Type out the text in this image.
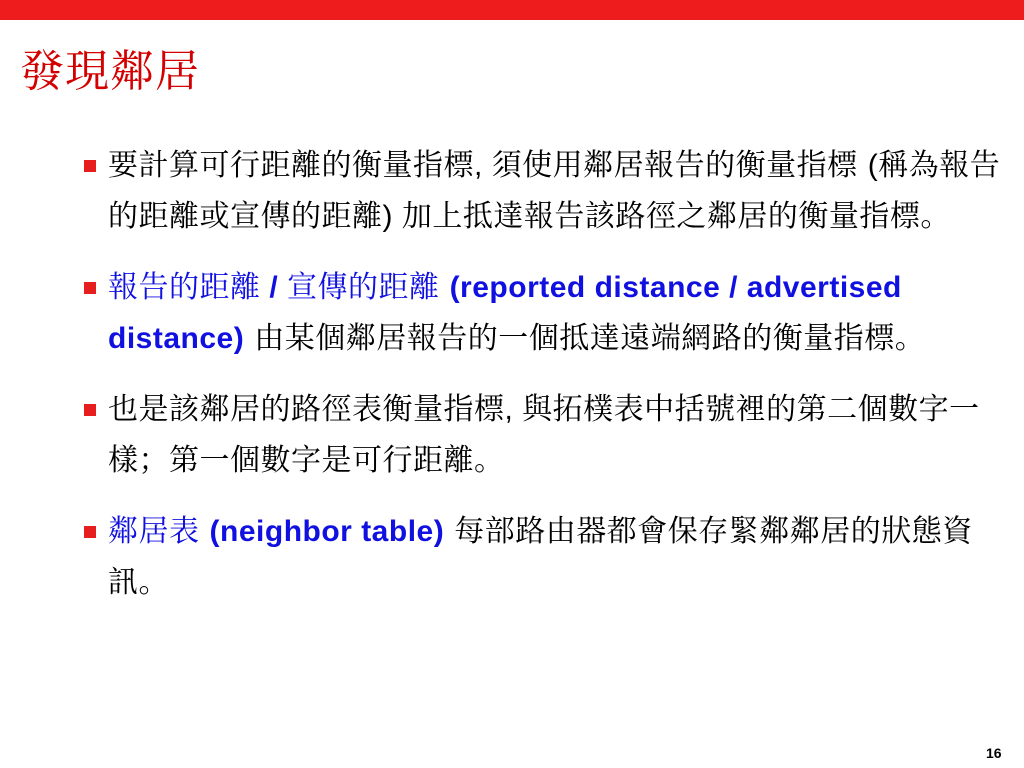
發現鄰居
要計算可行距離的衡量指標, 須使用鄰居報告的衡量指標 (稱為報告的距離或宣傳的距離) 加上抵達報告該路徑之鄰居的衡量指標。
報告的距離 / 宣傳的距離 (reported distance / advertised distance) 由某個鄰居報告的一個抵達遠端網路的衡量指標。
也是該鄰居的路徑表衡量指標, 與拓樸表中括號裡的第二個數字一樣；第一個數字是可行距離。
鄰居表 (neighbor table) 每部路由器都會保存緊鄰鄰居的狀態資訊。
16
